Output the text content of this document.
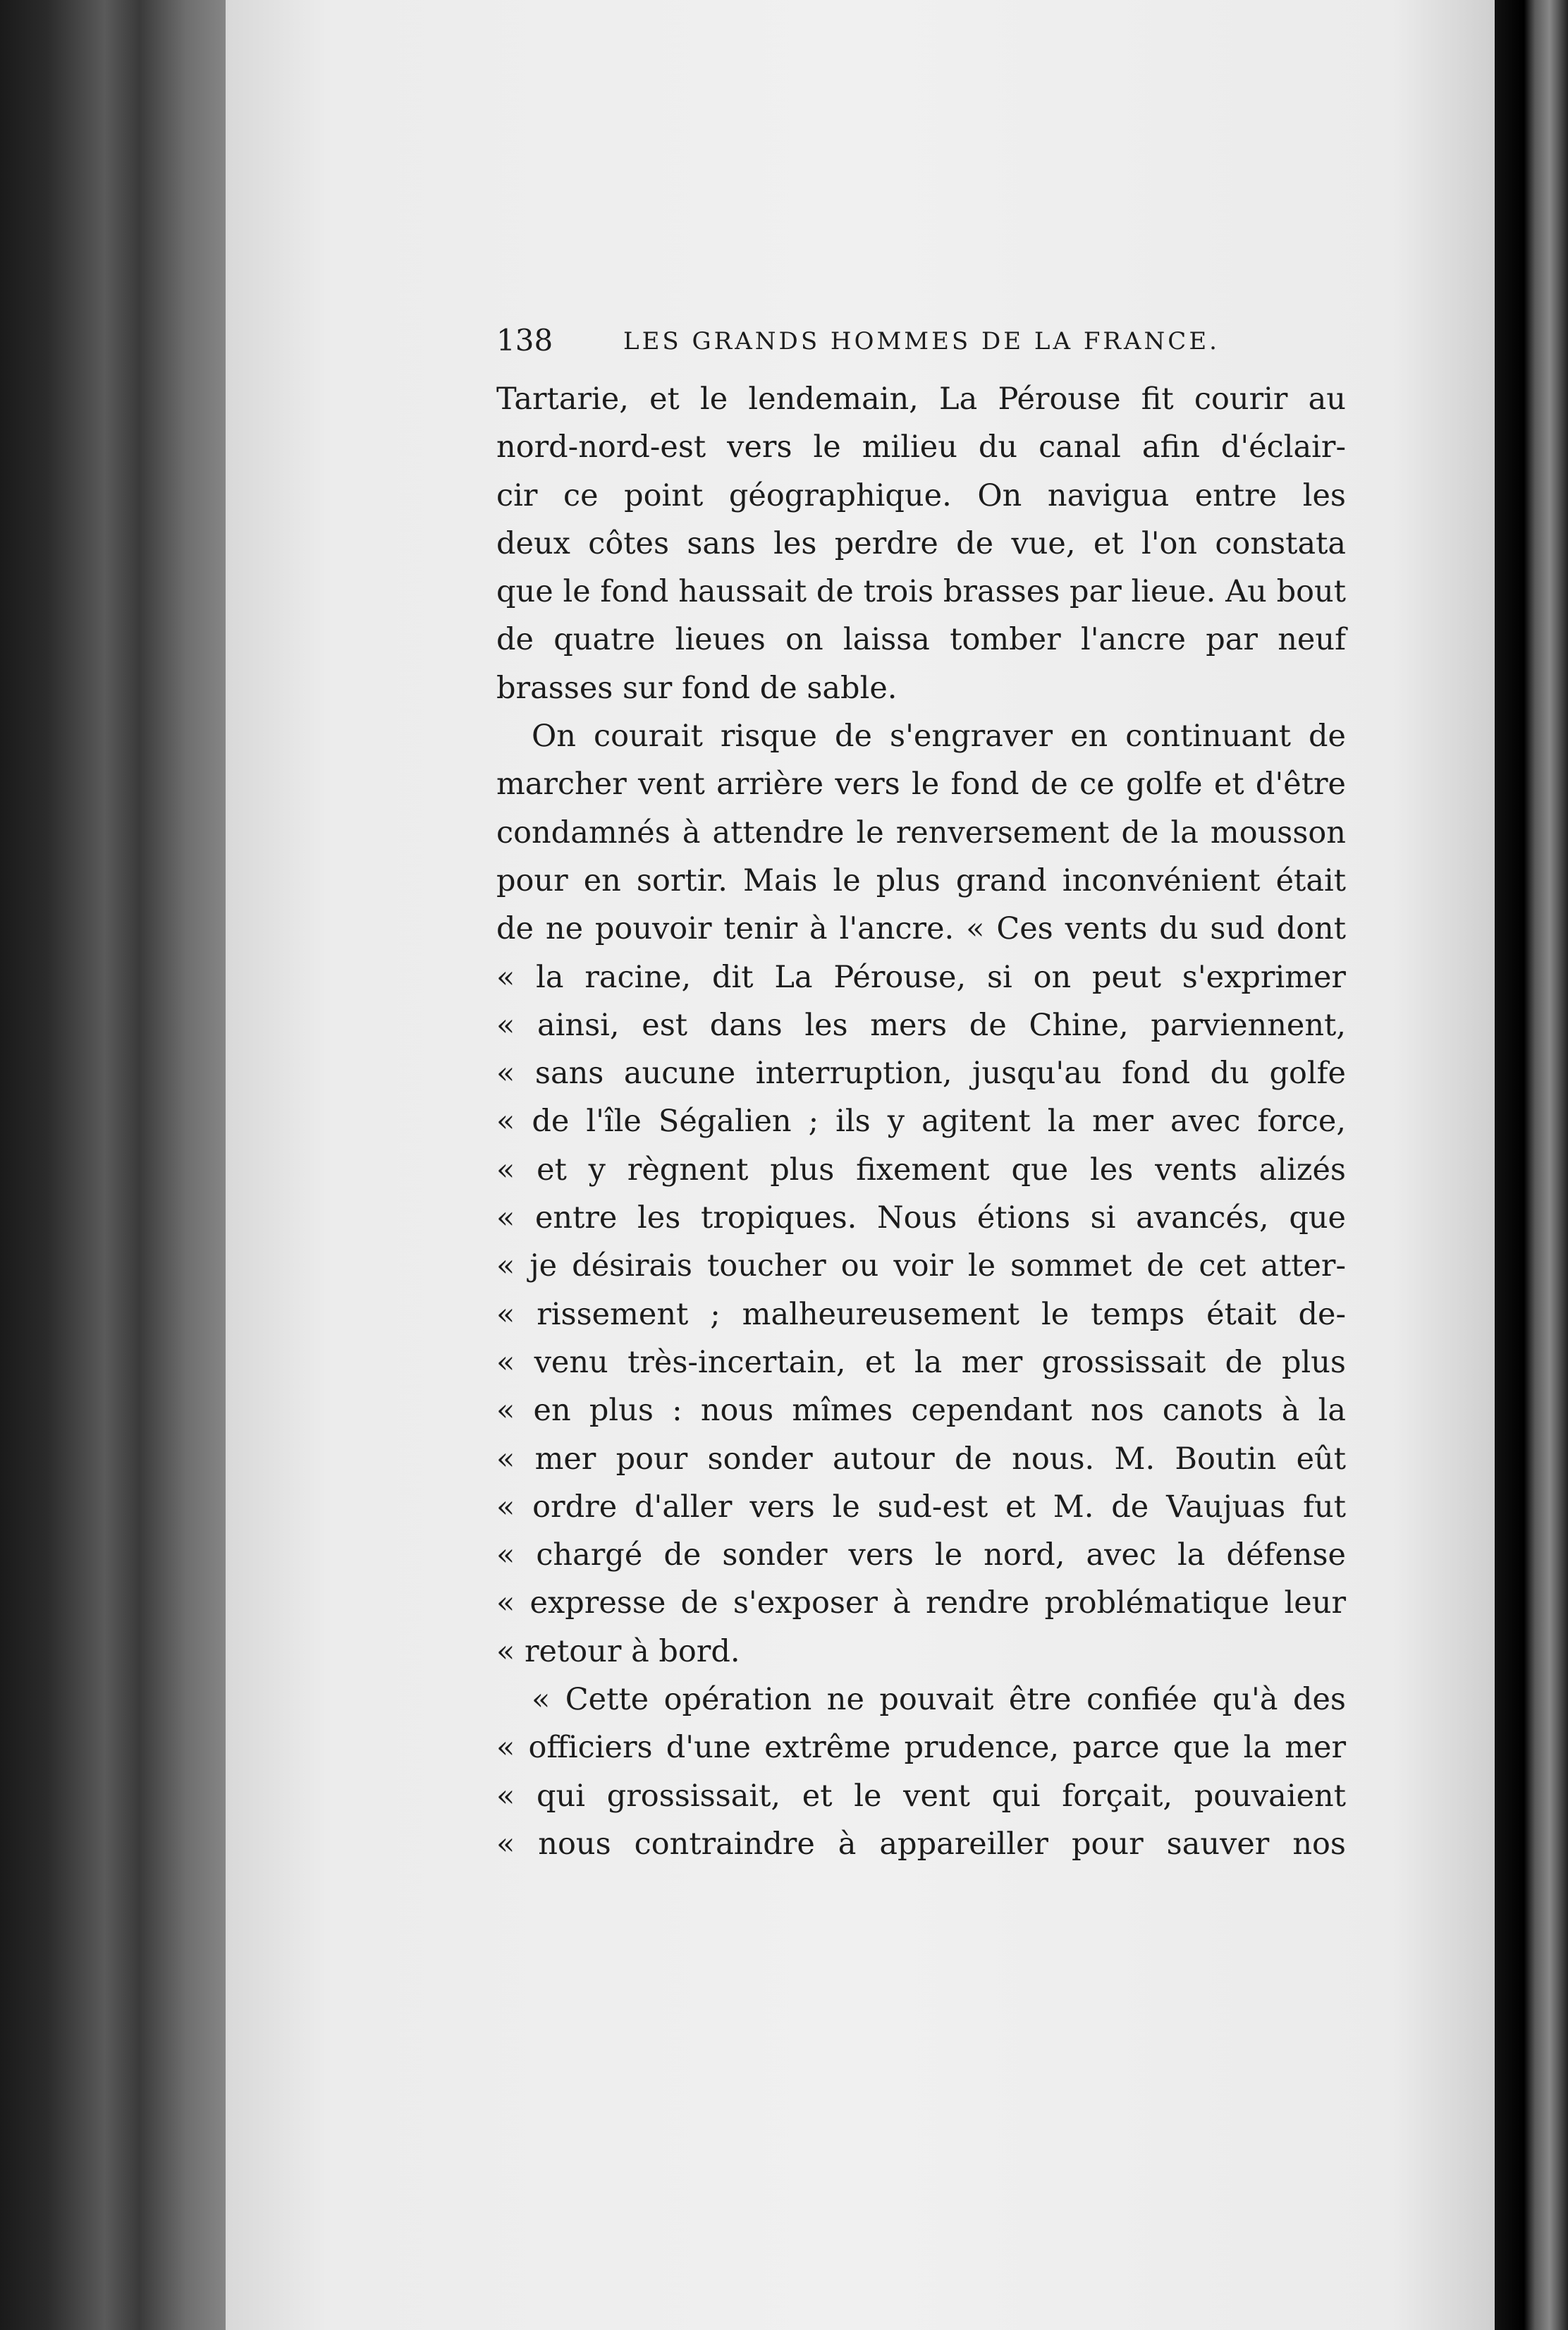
138	LES GRANDS HOMMES DE LA FRANCE.
Tartarie, et le lendemain, La Pérouse fit courir au
nord-nord-est vers le milieu du canal afin d'éclair-
cir ce point géographique. On navigua entre les
deux côtes sans les perdre de vue, et l'on constata
que le fond haussait de trois brasses par lieue. Au bout
de quatre lieues on laissa tomber l'ancre par neuf
brasses sur fond de sable.
On courait risque de s'engraver en continuant de
marcher vent arrière vers le fond de ce golfe et d'être
condamnés à attendre le renversement de la mousson
pour en sortir. Mais le plus grand inconvénient était
de ne pouvoir tenir à l'ancre. « Ces vents du sud dont
« la racine, dit La Pérouse, si on peut s'exprimer
« ainsi, est dans les mers de Chine, parviennent,
« sans aucune interruption, jusqu'au fond du golfe
« de l'île Ségalien ; ils y agitent la mer avec force,
« et y règnent plus fixement que les vents alizés
« entre les tropiques. Nous étions si avancés, que
« je désirais toucher ou voir le sommet de cet atter-
« rissement ; malheureusement le temps était de-
« venu très-incertain, et la mer grossissait de plus
« en plus : nous mîmes cependant nos canots à la
« mer pour sonder autour de nous. M. Boutin eût
« ordre d'aller vers le sud-est et M. de Vaujuas fut
« chargé de sonder vers le nord, avec la défense
« expresse de s'exposer à rendre problématique leur
« retour à bord.
« Cette opération ne pouvait être confiée qu'à des
« officiers d'une extrême prudence, parce que la mer
« qui grossissait, et le vent qui forçait, pouvaient
« nous contraindre à appareiller pour sauver nos
